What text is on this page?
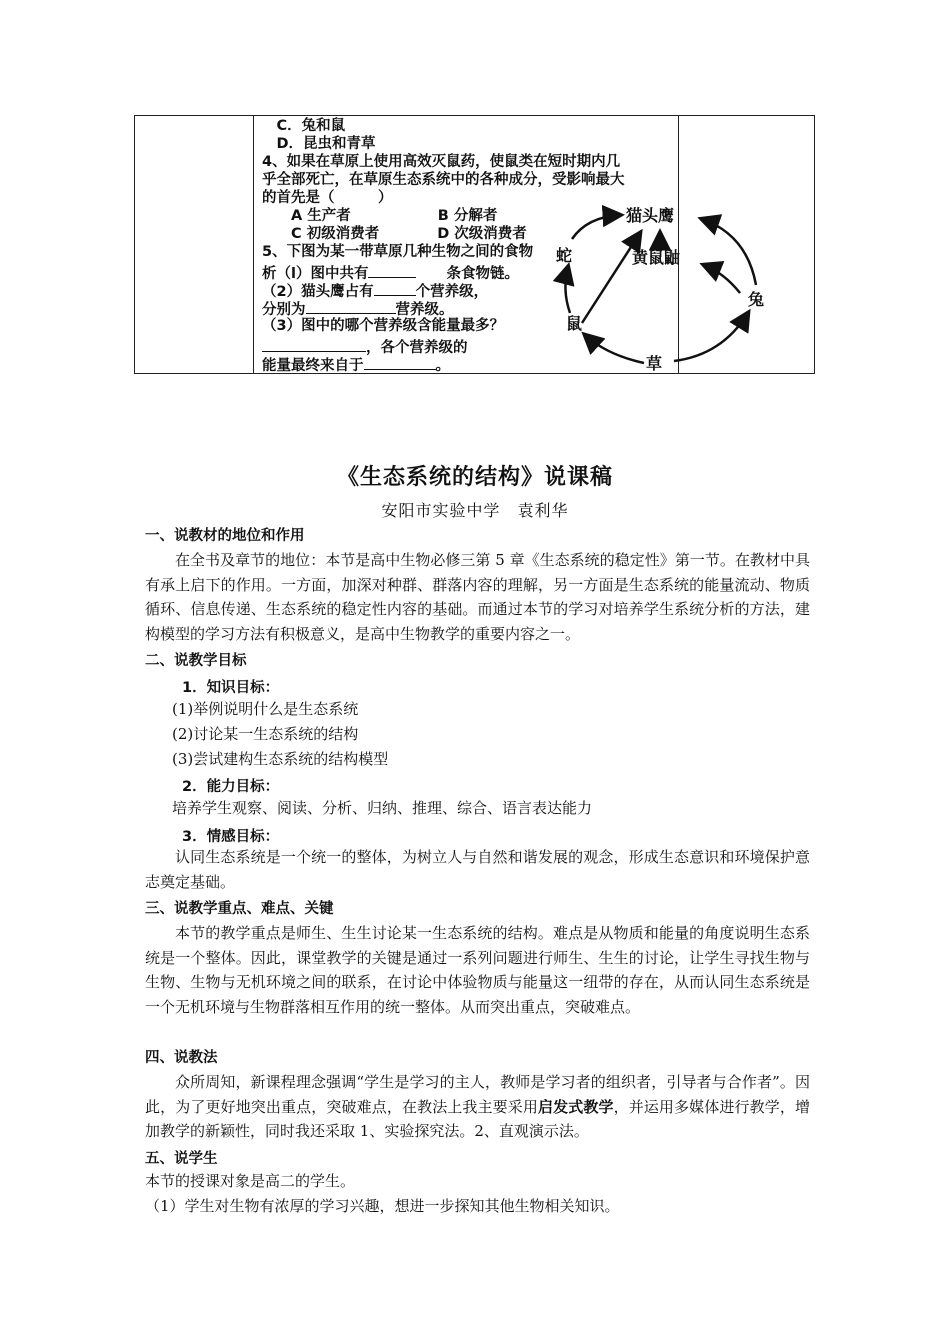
　C．兔和鼠
　D．昆虫和青草
4、如果在草原上使用高效灭鼠药，使鼠类在短时期内几
乎全部死亡，在草原生态系统中的各种成分，受影响最大
的首先是（　　　）
　　A 生产者　　　　　　B 分解者
　　C 初级消费者　　　　D 次级消费者
5、下图为某一带草原几种生物之间的食物
析（l）图中共有	条食物链。
（2）猫头鹰占有	个营养级，
分别为	营养级。
（3）图中的哪个营养级含能量最多？
，各个营养级的
能量最终来自于	。
猫头鹰
蛇	黄鼠鼬
兔
鼠
草
《生态系统的结构》说课稿
安阳市实验中学　袁利华
一、说教材的地位和作用
在全书及章节的地位：本节是高中生物必修三第 5 章《生态系统的稳定性》第一节。在教材中具有承上启下的作用。一方面，加深对种群、群落内容的理解，另一方面是生态系统的能量流动、物质循环、信息传递、生态系统的稳定性内容的基础。而通过本节的学习对培养学生系统分析的方法，建构模型的学习方法有积极意义，是高中生物教学的重要内容之一。
二、说教学目标
1．知识目标：
(1)举例说明什么是生态系统
(2)讨论某一生态系统的结构
(3)尝试建构生态系统的结构模型
2．能力目标：
培养学生观察、阅读、分析、归纳、推理、综合、语言表达能力
3．情感目标：
认同生态系统是一个统一的整体，为树立人与自然和谐发展的观念，形成生态意识和环境保护意志奠定基础。
三、说教学重点、难点、关键
本节的教学重点是师生、生生讨论某一生态系统的结构。难点是从物质和能量的角度说明生态系统是一个整体。因此，课堂教学的关键是通过一系列问题进行师生、生生的讨论，让学生寻找生物与生物、生物与无机环境之间的联系，在讨论中体验物质与能量这一纽带的存在，从而认同生态系统是一个无机环境与生物群落相互作用的统一整体。从而突出重点，突破难点。
四、说教法
众所周知，新课程理念强调“学生是学习的主人，教师是学习者的组织者，引导者与合作者”。因此，为了更好地突出重点，突破难点，在教法上我主要采用启发式教学，并运用多媒体进行教学，增加教学的新颖性，同时我还采取 1、实验探究法。2、直观演示法。
五、说学生
本节的授课对象是高二的学生。
（1）学生对生物有浓厚的学习兴趣，想进一步探知其他生物相关知识。
